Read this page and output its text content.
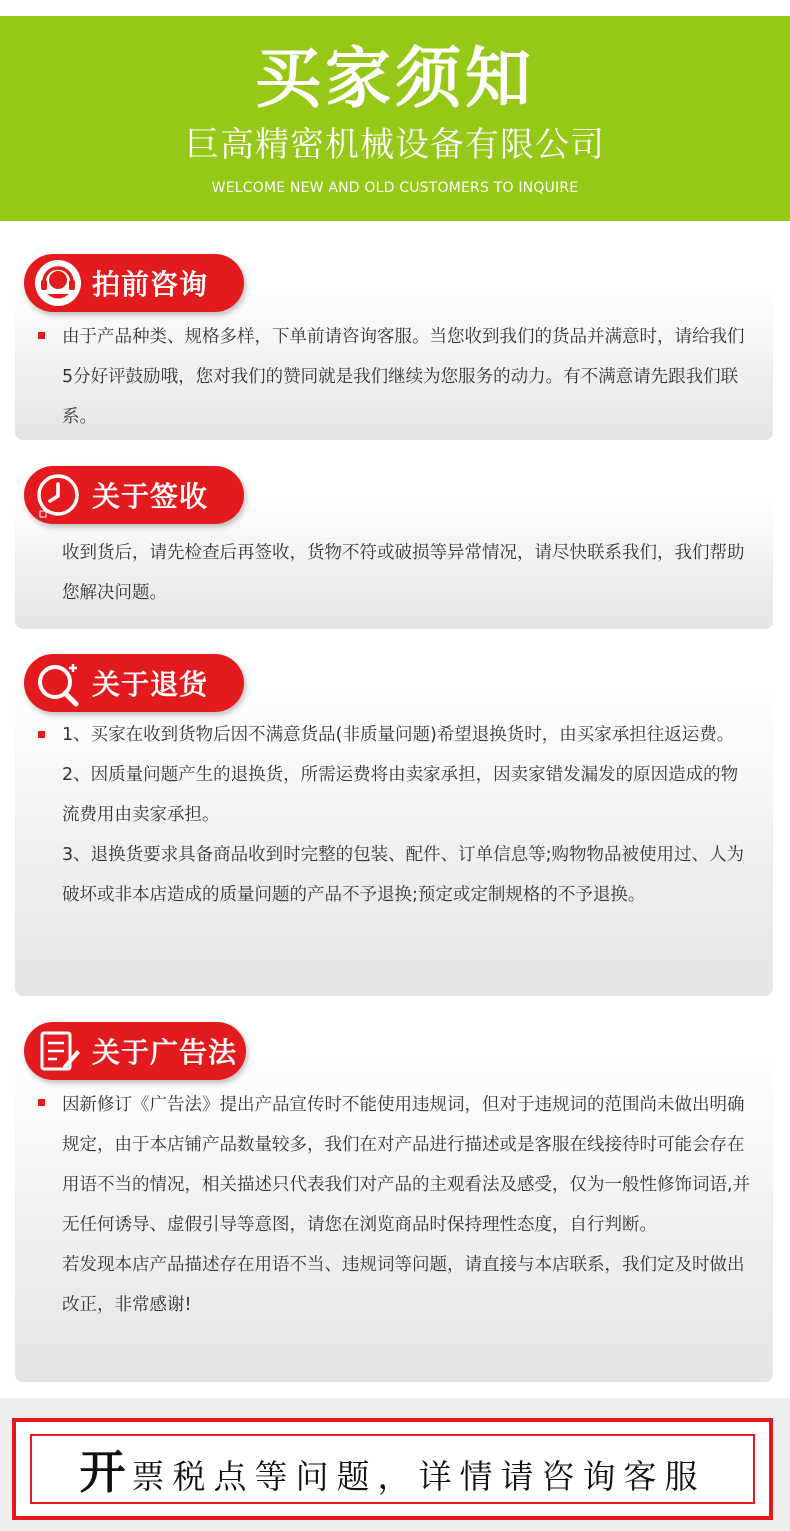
买家须知
巨高精密机械设备有限公司
WELCOME NEW AND OLD CUSTOMERS TO INQUIRE
由于产品种类、规格多样，下单前请咨询客服。当您收到我们的货品并满意时，请给我们5分好评鼓励哦，您对我们的赞同就是我们继续为您服务的动力。有不满意请先跟我们联系。
拍前咨询
收到货后，请先检查后再签收，货物不符或破损等异常情况，请尽快联系我们，我们帮助您解决问题。
关于签收
1、买家在收到货物后因不满意货品(非质量问题)希望退换货时，由买家承担往返运费。
2、因质量问题产生的退换货，所需运费将由卖家承担，因卖家错发漏发的原因造成的物流费用由卖家承担。
3、退换货要求具备商品收到时完整的包装、配件、订单信息等;购物物品被使用过、人为破坏或非本店造成的质量问题的产品不予退换;预定或定制规格的不予退换。
关于退货
因新修订《广告法》提出产品宣传时不能使用违规词，但对于违规词的范围尚未做出明确规定，由于本店铺产品数量较多，我们在对产品进行描述或是客服在线接待时可能会存在用语不当的情况，相关描述只代表我们对产品的主观看法及感受，仅为一般性修饰词语,并无任何诱导、虚假引导等意图，请您在浏览商品时保持理性态度，自行判断。
若发现本店产品描述存在用语不当、违规词等问题，请直接与本店联系，我们定及时做出改正，非常感谢!
关于广告法
开票税点等问题，详情请咨询客服
